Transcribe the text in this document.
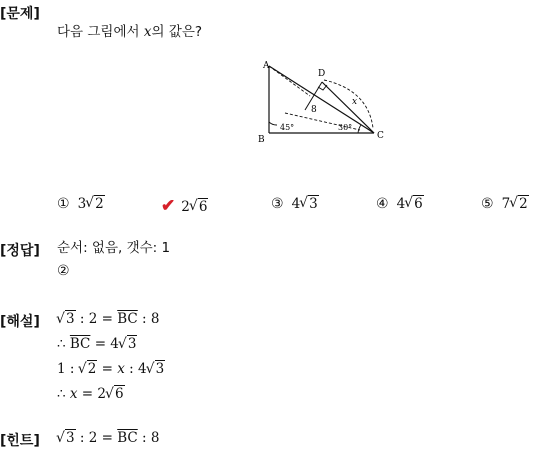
[문제]
다음 그림에서 x의 값은?
A
B	C
D
8
x
45°	30°
① 3 √ 2	✔ 2 √ 6	③ 4 √ 3	④ 4 √ 6	⑤ 7 √ 2
[정답] 순서: 없음, 갯수: 1
②
[해설]	√ 3 : $2 = \overline{BC}$ : 8
∴ $\overline{BC} = 4$ √ 3
1 : √ 2 = x : 4 √ 3
∴ x = 2 √ 6
[힌트]	√ 3 : $2 = \overline{BC}$ : 8
